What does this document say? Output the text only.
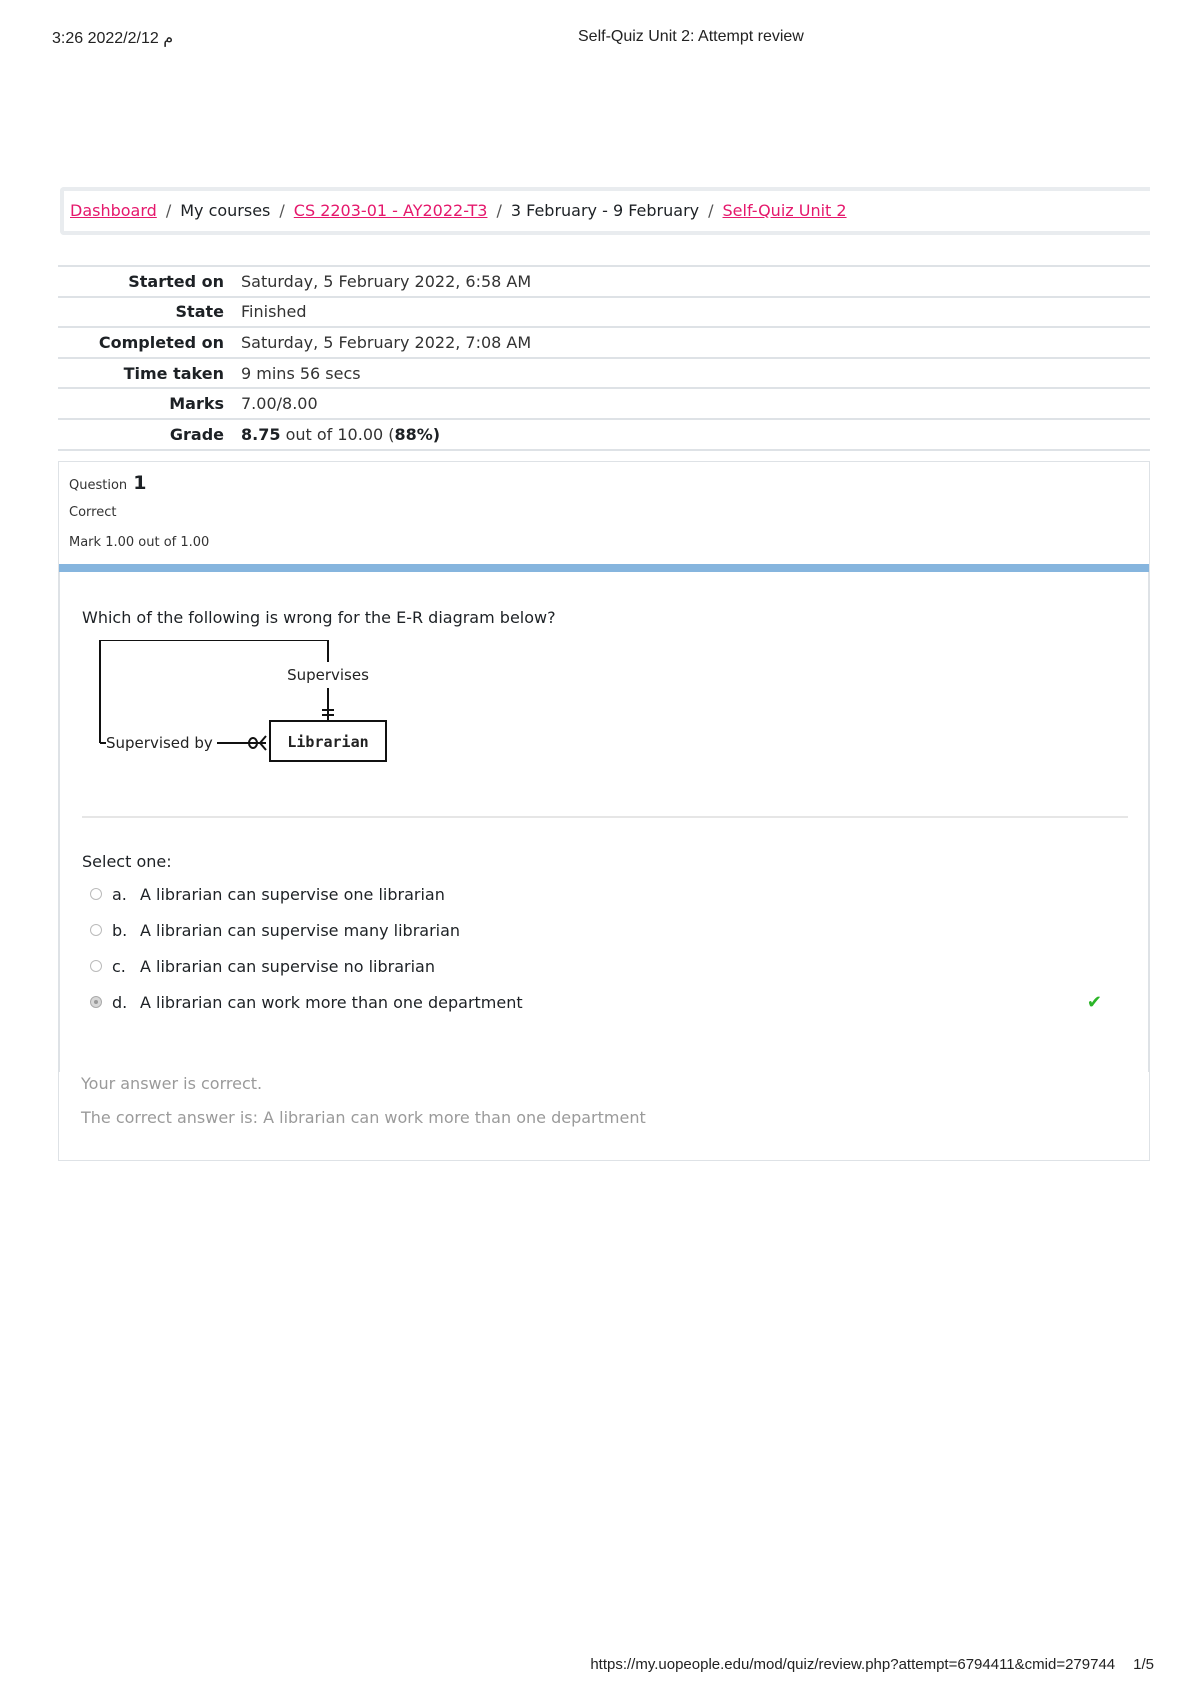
3:26 2022/2/12 م	Self-Quiz Unit 2: Attempt review
Dashboard / My courses / CS 2203-01 - AY2022-T3 / 3 February - 9 February / Self-Quiz Unit 2
Started on	Saturday, 5 February 2022, 6:58 AM
State	Finished
Completed on	Saturday, 5 February 2022, 7:08 AM
Time taken	9 mins 56 secs
Marks	7.00/8.00
Grade	8.75 out of 10.00 (88%)
Question 1
Correct
Mark 1.00 out of 1.00
Which of the following is wrong for the E-R diagram below?
Supervises
Supervised by	Librarian
Select one:
a. A librarian can supervise one librarian
b. A librarian can supervise many librarian
c. A librarian can supervise no librarian
d. A librarian can work more than one department	✔
Your answer is correct.
The correct answer is: A librarian can work more than one department
https://my.uopeople.edu/mod/quiz/review.php?attempt=6794411&cmid=279744 1/5
